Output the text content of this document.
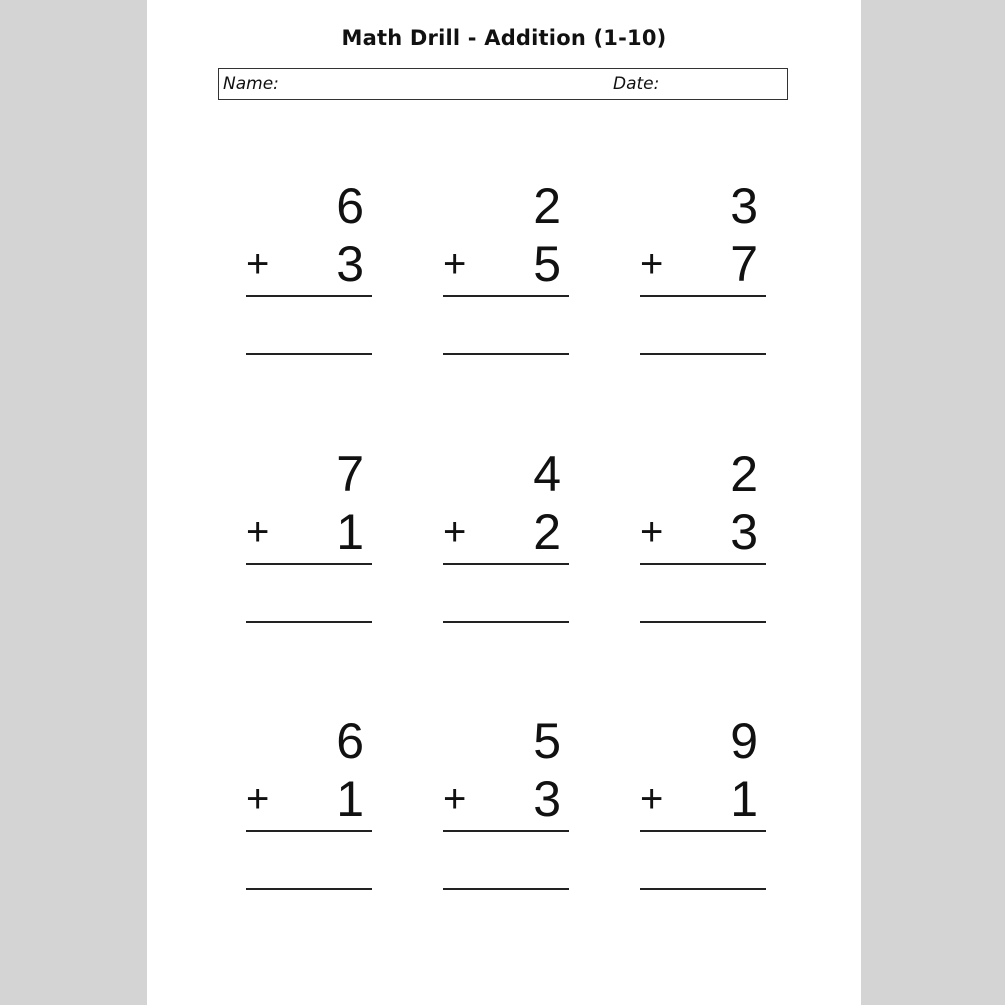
Math Drill - Addition (1-10)
Name:	Date:
6
+ 3
2
+ 5
3
+ 7
7
+ 1
4
+ 2
2
+ 3
6
+ 1
5
+ 3
9
+ 1
